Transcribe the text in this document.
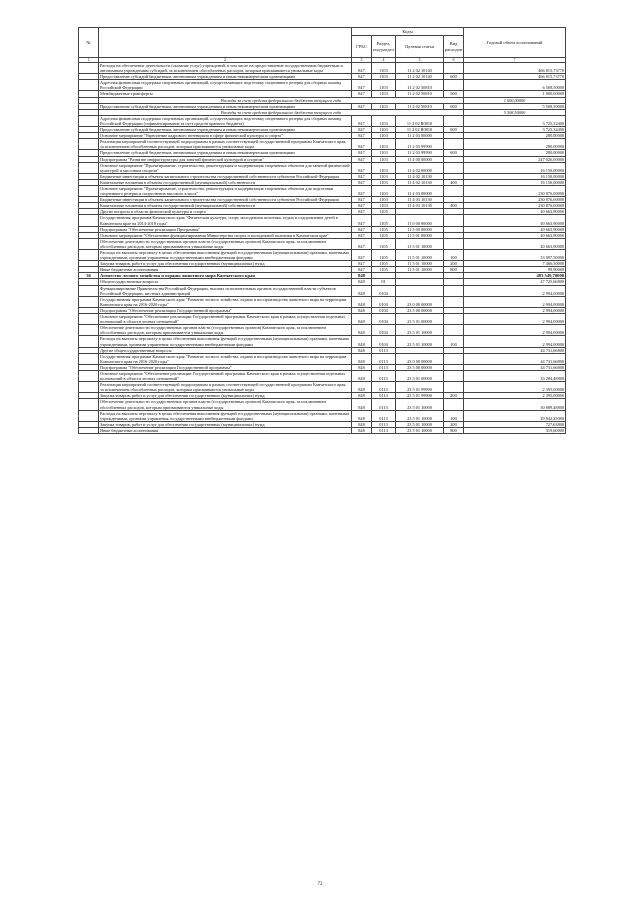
№		Коды				Годовой объем ассигнований
		ГРБС	Раздел, под-раздел	Целевая статья	Вид расходов	
1	2	3	4	5	6	7
	Расходы на обеспечение деятельности (оказание услуг) учреждений, в том числе на предоставление государственным бюджетным и автономным учреждениям субсидий, за исключением обособленных расходов, которым присваиваются уникальные коды	847	1103	11 2 02 10140		466 815,73770
	Предоставление субсидий бюджетным, автономным учреждениям и иным некоммерческим организациям	847	1103	11 2 02 10140	600	466 815,73770
	Адресная финансовая поддержка спортивных организаций, осуществляющих подготовку спортивного резерва для сборных команд Российской Федерации	847	1103	11 2 02 50810		6 508,50000
	Межбюджетные трансферты	847	1103	11 2 02 50810	500	1 000,00000
	Расходы за счет средств федерального бюджета текущего года					1 000,00000
	Предоставление субсидий бюджетным, автономным учреждениям и иным некоммерческим организациям	847	1103	11 2 02 50810	600	5 508,50000
	Расходы за счет средств федерального бюджета текущего года					5 508,50000
	Адресная финансовая поддержка спортивных организаций, осуществляющих подготовку спортивного резерва для сборных команд Российской Федерации (софинансирование за счет средств краевого бюджета)	847	1103	11 2 02 R0810		3 725,32400
	Предоставление субсидий бюджетным, автономным учреждениям и иным некоммерческим организациям	847	1103	11 2 02 R0810	600	3 725,32400
	Основное мероприятие "Укрепление кадрового потенциала в сфере физической культуры и спорта"	847	1103	11 2 03 00000		280,00000
	Реализация мероприятий соответствующей подпрограммы в рамках соответствующей государственной программы Камчатского края, за исключением обособленных расходов, которым присваиваются уникальные коды	847	1103	11 2 03 99990		280,00000
	Предоставление субсидий бюджетным, автономным учреждениям и иным некоммерческим организациям	847	1103	11 2 03 99990	600	280,00000
	Подпрограмма "Развитие инфраструктуры для занятий физической культурой и спортом"	847	1103	11 4 00 00000		247 026,00000
	Основное мероприятие "Проектирование, строительство, реконструкция и модернизация спортивных объектов для занятий физической культурой и массовым спортом"	847	1103	11 4 02 00000		16 150,00000
	Бюджетные инвестиции в объекты капитального строительства государственной собственности субъектов Российской Федерации	847	1103	11 4 02 10130		16 150,00000
	Капитальные вложения в объекты государственной (муниципальной) собственности	847	1103	11 4 02 10130	400	16 150,00000
	Основное мероприятие "Проектирование, строительство, реконструкция и модернизация спортивных объектов для подготовки спортивного резерва и спортсменов высокого класса"	847	1103	11 4 03 00000		230 876,00000
	Бюджетные инвестиции в объекты капитального строительства государственной собственности субъектов Российской Федерации	847	1103	11 4 03 10130		230 876,00000
	Капитальные вложения в объекты государственной (муниципальной) собственности	847	1103	11 4 03 10130	400	230 876,00000
	Другие вопросы в области физической культуры и спорта	847	1105			40 663,90000
	Государственная программа Камчатского края "Физическая культура, спорт, молодежная политика, отдых и оздоровление детей в Камчатском крае на 2014-2018 годы"	847	1105	11 0 00 00000		40 663,90000
	Подпрограмма "Обеспечение реализации Программы"	847	1105	11 5 00 00000		40 663,90000
	Основное мероприятие "Обеспечение функционирования Министерства спорта и молодежной политики в Камчатском крае"	847	1105	11 5 01 00000		40 663,90000
	Обеспечение деятельности государственных органов власти (государственных органов) Камчатского края, за исключением обособленных расходов, которым присваиваются уникальные коды	847	1105	11 5 01 10000		40 663,90000
	Расходы на выплаты персоналу в целях обеспечения выполнения функций государственными (муниципальными) органами, казенными учреждениями, органами управления государственными внебюджетными фондами	847	1105	11 5 01 10000	100	33 097,50000
	Закупка товаров, работ и услуг для обеспечения государственных (муниципальных) нужд	847	1105	11 5 01 10000	200	7 466,50000
	Иные бюджетные ассигнования	847	1105	11 5 01 10000	800	99,90000
36	Агентство лесного хозяйства и охраны животного мира Камчатского края	848				483 549,70000
	Общегосударственные вопросы	848	01			47 725,66800
	Функционирование Правительства Российской Федерации, высших исполнительных органов государственной власти субъектов Российской Федерации, местных администраций	848	0104			2 994,00000
	Государственная программа Камчатского края "Развитие лесного хозяйства, охрана и воспроизводство животного мира на территории Камчатского края на 2016-2020 годы"	848	0104	23 0 00 00000		2 994,00000
	Подпрограмма "Обеспечение реализации Государственной программы"	848	0104	23 5 00 00000		2 994,00000
	Основное мероприятие "Обеспечение реализации Государственной программы Камчатского края в рамках осуществления отдельных полномочий в области лесных отношений"	848	0104	23 5 01 00000		2 994,00000
	Обеспечение деятельности государственных органов власти (государственных органов) Камчатского края, за исключением обособленных расходов, которым присваиваются уникальные коды	848	0104	23 5 01 10000		2 994,00000
	Расходы на выплаты персоналу в целях обеспечения выполнения функций государственными (муниципальными) органами, казенными учреждениями, органами управления государственными внебюджетными фондами	848	0104	23 5 01 10000	100	2 994,00000
	Другие общегосударственные вопросы	848	0113			44 731,66800
	Государственная программа Камчатского края "Развитие лесного хозяйства, охрана и воспроизводство животного мира на территории Камчатского края на 2016-2020 годы"	848	0113	23 0 00 00000		44 731,66800
	Подпрограмма "Обеспечение реализации Государственной программы"	848	0113	23 5 00 00000		44 731,66800
	Основное мероприятие "Обеспечение реализации Государственной программы Камчатского края в рамках осуществления отдельных полномочий в области лесных отношений"	848	0113	23 5 01 00000		33 284,48800
	Реализация мероприятий соответствующей подпрограммы в рамках соответствующей государственной программы Камчатского края, за исключением обособленных расходов, которым присваиваются уникальные коды	848	0113	23 5 01 99990		2 395,00000
	Закупка товаров, работ и услуг для обеспечения государственных (муниципальных) нужд	848	0113	23 5 01 99990	200	2 395,00000
	Обеспечение деятельности государственных органов власти (государственных органов) Камчатского края, за исключением обособленных расходов, которым присваиваются уникальные коды	848	0113	23 5 01 10000		30 889,48800
	Расходы на выплаты персоналу в целях обеспечения выполнения функций государственными (муниципальными) органами, казенными учреждениями, органами управления государственными внебюджетными фондами	848	0113	23 5 01 10000	100	29 842,25000
	Закупка товаров, работ и услуг для обеспечения государственных (муниципальных) нужд	848	0113	23 5 01 10000	200	727,63800
	Иные бюджетные ассигнования	848	0113	23 5 01 10000	800	319,60000
72
